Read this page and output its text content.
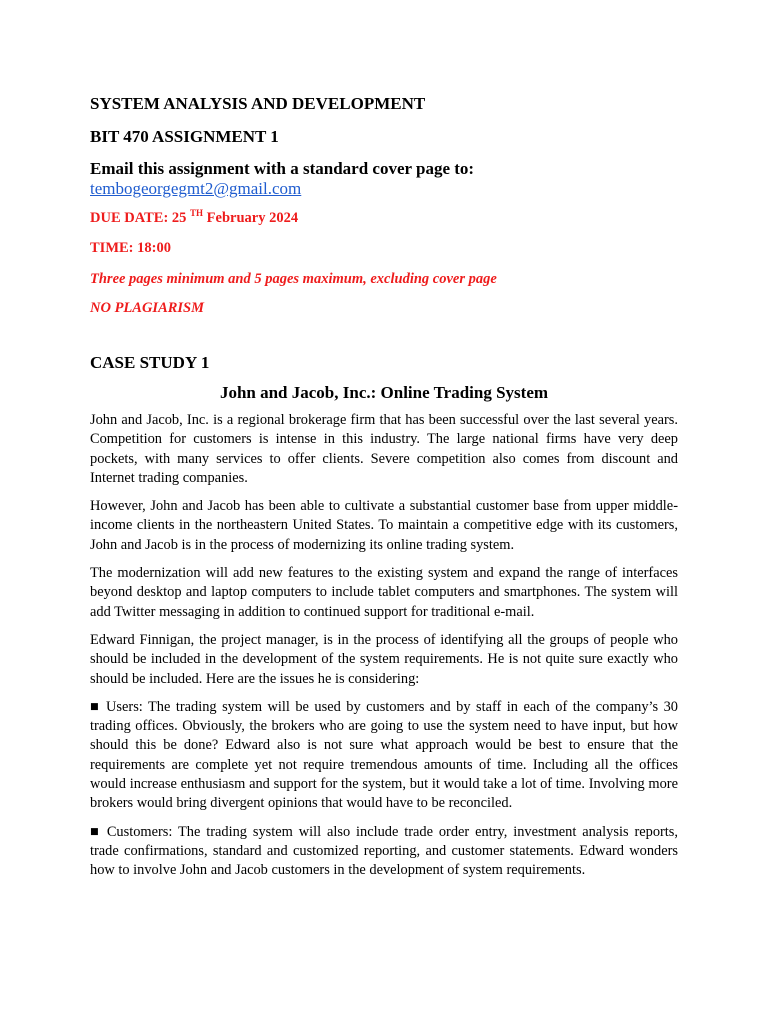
SYSTEM ANALYSIS AND DEVELOPMENT

BIT 470 ASSIGNMENT 1

Email this assignment with a standard cover page to:

tembogeorgegmt2@gmail.com

DUE DATE: 25 $^{TH}$ February 2024

TIME: 18:00

Three pages minimum and 5 pages maximum, excluding cover page

NO PLAGIARISM

CASE STUDY 1

John and Jacob, Inc.: Online Trading System

John and Jacob, Inc. is a regional brokerage firm that has been successful over the last several years. Competition for customers is intense in this industry. The large national firms have very deep pockets, with many services to offer clients. Severe competition also comes from discount and Internet trading companies.

However, John and Jacob has been able to cultivate a substantial customer base from upper middle- income clients in the northeastern United States. To maintain a competitive edge with its customers, John and Jacob is in the process of modernizing its online trading system.

The modernization will add new features to the existing system and expand the range of interfaces beyond desktop and laptop computers to include tablet computers and smartphones. The system will add Twitter messaging in addition to continued support for traditional e-mail.

Edward Finnigan, the project manager, is in the process of identifying all the groups of people who should be included in the development of the system requirements. He is not quite sure exactly who should be included. Here are the issues he is considering:

■ Users: The trading system will be used by customers and by staff in each of the company’s 30 trading offices. Obviously, the brokers who are going to use the system need to have input, but how should this be done? Edward also is not sure what approach would be best to ensure that the requirements are complete yet not require tremendous amounts of time. Including all the offices would increase enthusiasm and support for the system, but it would take a lot of time. Involving more brokers would bring divergent opinions that would have to be reconciled.

■ Customers: The trading system will also include trade order entry, investment analysis reports, trade confirmations, standard and customized reporting, and customer statements. Edward wonders how to involve John and Jacob customers in the development of system requirements.
